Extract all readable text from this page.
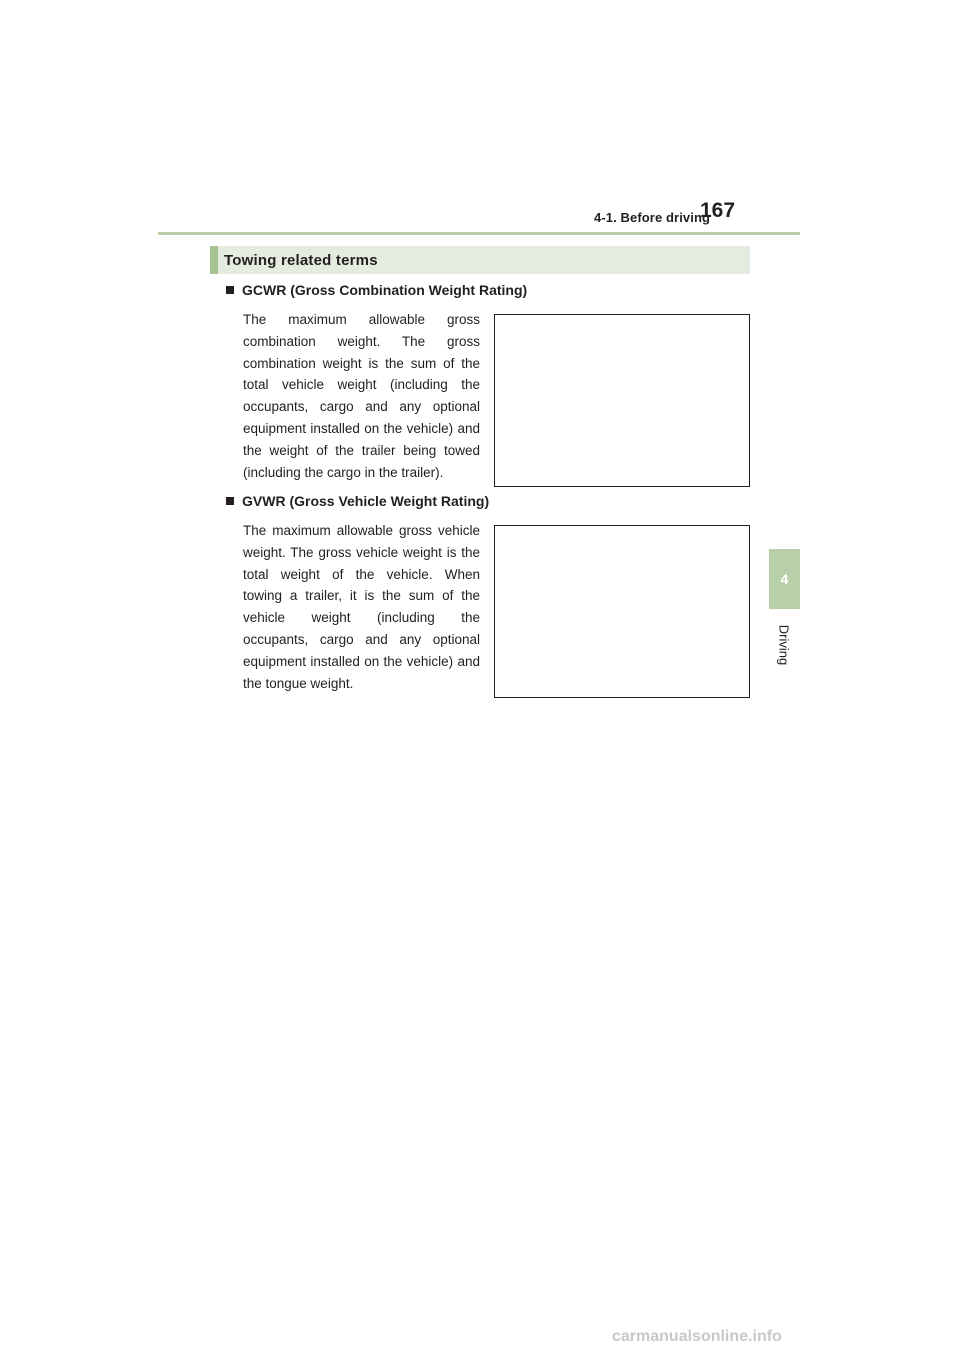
4-1. Before driving
167
4
Driving
Towing related terms
GCWR (Gross Combination Weight Rating)

The maximum allowable gross combination weight. The gross combination weight is the sum of the total vehicle weight (including the occupants, cargo and any optional equipment installed on the vehicle) and the weight of the trailer being towed (including the cargo in the trailer).

GVWR (Gross Vehicle Weight Rating)

The maximum allowable gross vehicle weight. The gross vehicle weight is the total weight of the vehicle. When towing a trailer, it is the sum of the vehicle weight (including the occupants, cargo and any optional equipment installed on the vehicle) and the tongue weight.

carmanualsonline.info
